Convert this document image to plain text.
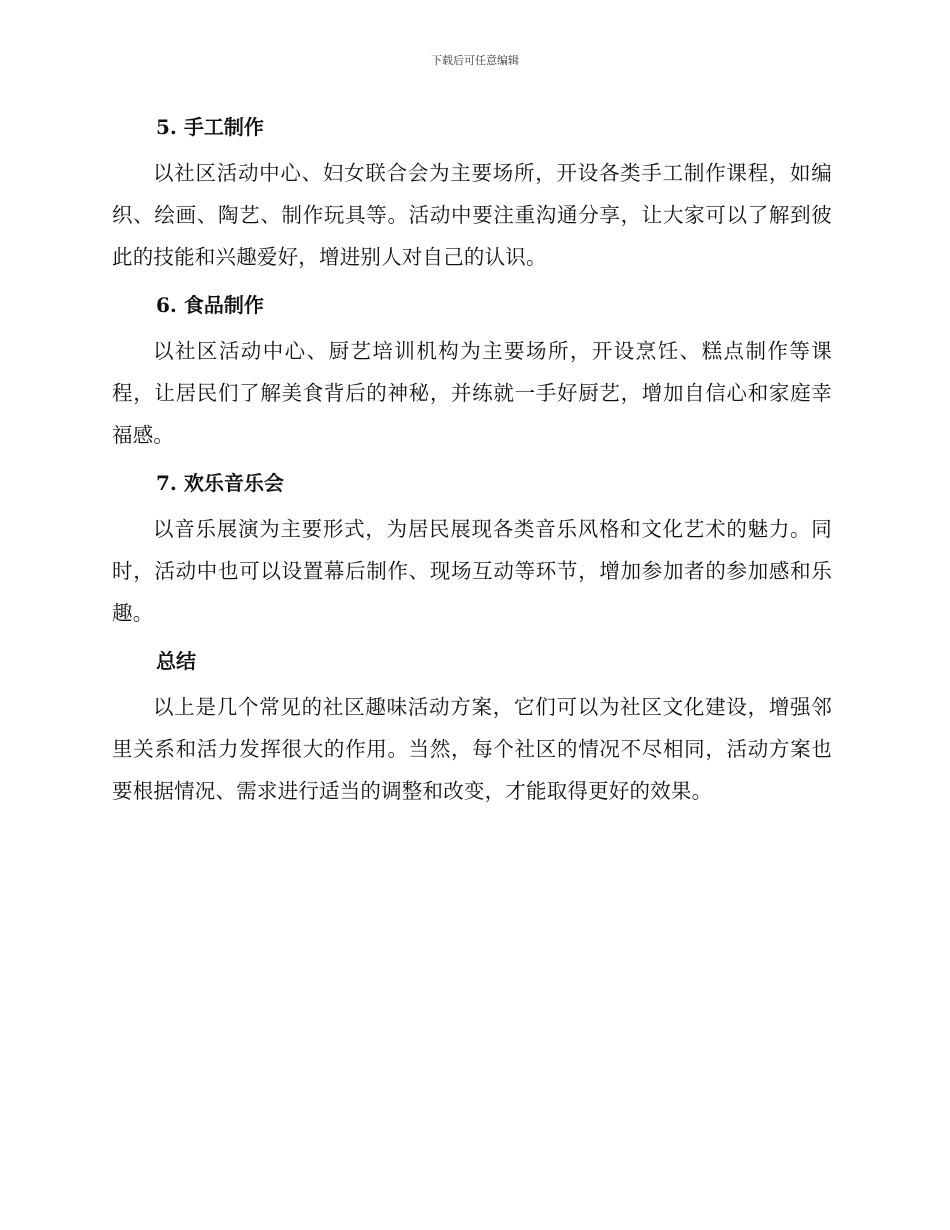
下载后可任意编辑
5. 手工制作

以社区活动中心、妇女联合会为主要场所，开设各类手工制作课程，如编织、绘画、陶艺、制作玩具等。活动中要注重沟通分享，让大家可以了解到彼此的技能和兴趣爱好，增进别人对自己的认识。

6. 食品制作

以社区活动中心、厨艺培训机构为主要场所，开设烹饪、糕点制作等课程，让居民们了解美食背后的神秘，并练就一手好厨艺，增加自信心和家庭幸福感。

7. 欢乐音乐会

以音乐展演为主要形式，为居民展现各类音乐风格和文化艺术的魅力。同时，活动中也可以设置幕后制作、现场互动等环节，增加参加者的参加感和乐趣。

总结

以上是几个常见的社区趣味活动方案，它们可以为社区文化建设，增强邻里关系和活力发挥很大的作用。当然，每个社区的情况不尽相同，活动方案也要根据情况、需求进行适当的调整和改变，才能取得更好的效果。
